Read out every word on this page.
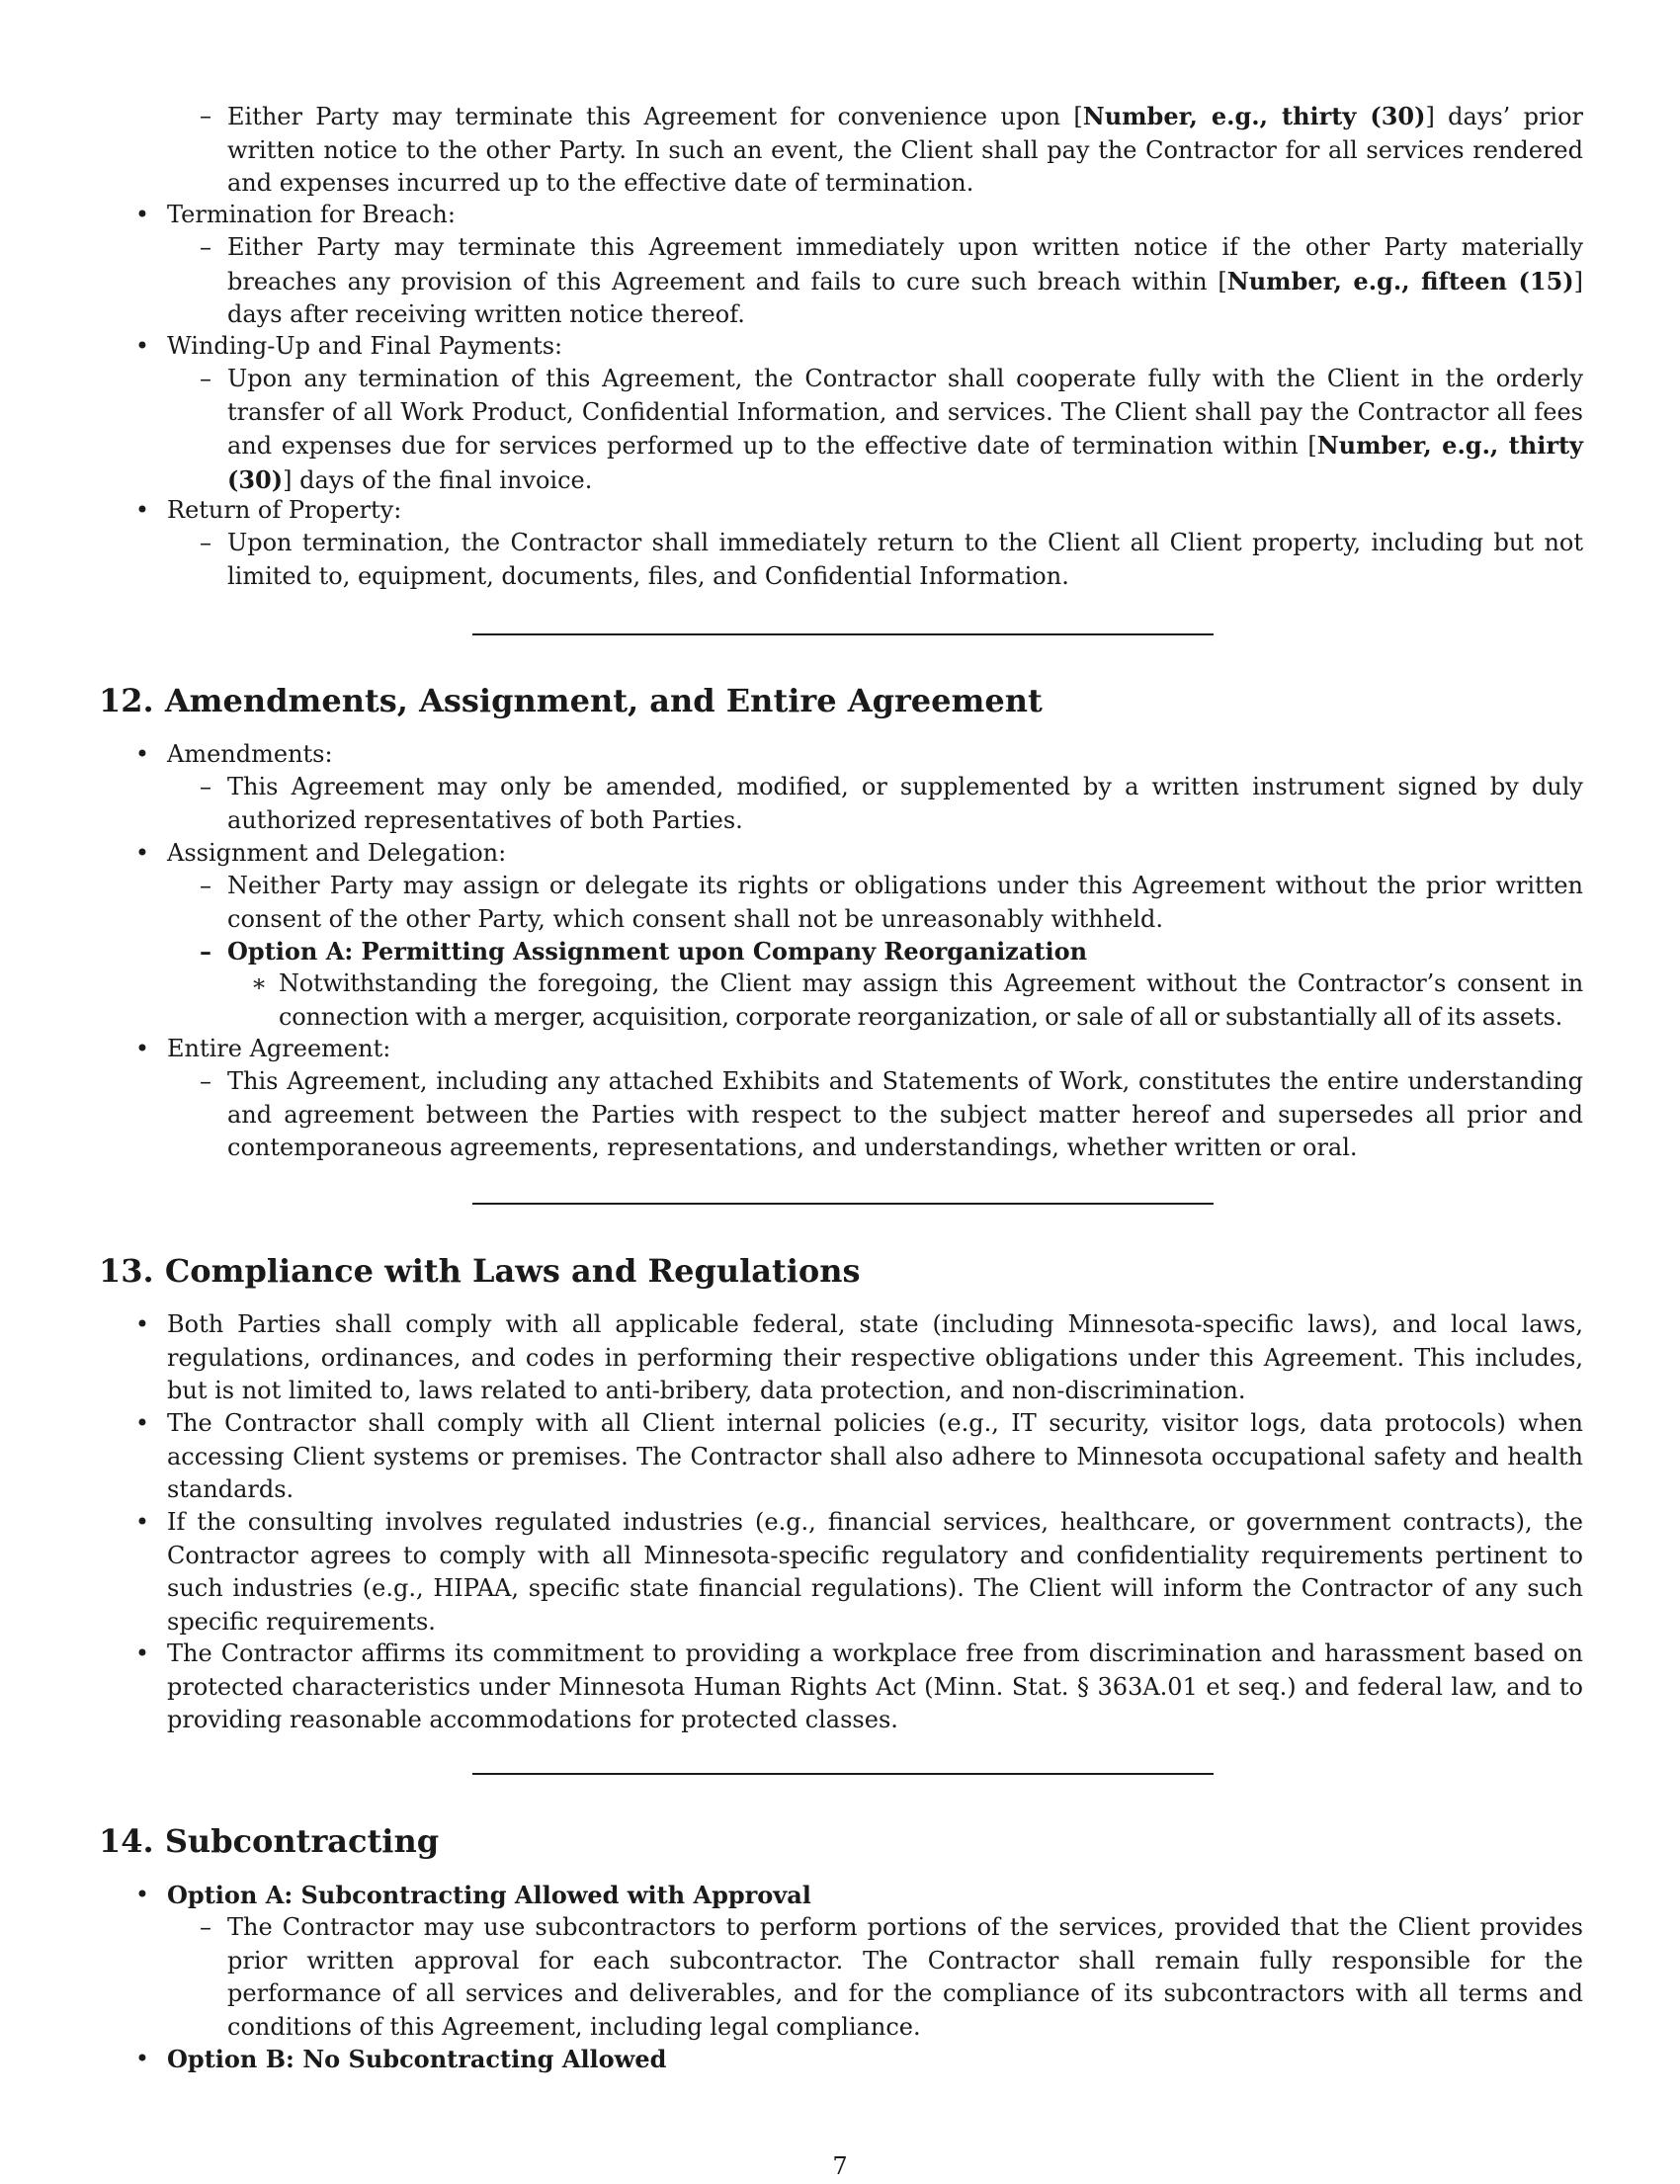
– Either Party may terminate this Agreement for convenience upon [Number, e.g., thirty (30)] days’ prior written notice to the other Party. In such an event, the Client shall pay the Contractor for all services rendered and expenses incurred up to the effective date of termination.
• Termination for Breach:
– Either Party may terminate this Agreement immediately upon written notice if the other Party materially breaches any provision of this Agreement and fails to cure such breach within [Number, e.g., fifteen (15)] days after receiving written notice thereof.
• Winding-Up and Final Payments:
– Upon any termination of this Agreement, the Contractor shall cooperate fully with the Client in the orderly transfer of all Work Product, Confidential Information, and services. The Client shall pay the Contractor all fees and expenses due for services performed up to the effective date of termination within [Number, e.g., thirty (30)] days of the final invoice.
• Return of Property:
– Upon termination, the Contractor shall immediately return to the Client all Client property, including but not limited to, equipment, documents, files, and Confidential Information.
12. Amendments, Assignment, and Entire Agreement
• Amendments:
– This Agreement may only be amended, modified, or supplemented by a written instrument signed by duly authorized representatives of both Parties.
• Assignment and Delegation:
– Neither Party may assign or delegate its rights or obligations under this Agreement without the prior written consent of the other Party, which consent shall not be unreasonably withheld.
– Option A: Permitting Assignment upon Company Reorganization
∗ Notwithstanding the foregoing, the Client may assign this Agreement without the Contractor’s consent in connection with a merger, acquisition, corporate reorganization, or sale of all or substantially all of its assets.
• Entire Agreement:
– This Agreement, including any attached Exhibits and Statements of Work, constitutes the entire understanding and agreement between the Parties with respect to the subject matter hereof and supersedes all prior and contemporaneous agreements, representations, and understandings, whether written or oral.
13. Compliance with Laws and Regulations
• Both Parties shall comply with all applicable federal, state (including Minnesota-specific laws), and local laws, regulations, ordinances, and codes in performing their respective obligations under this Agreement. This includes, but is not limited to, laws related to anti-bribery, data protection, and non-discrimination.
• The Contractor shall comply with all Client internal policies (e.g., IT security, visitor logs, data protocols) when accessing Client systems or premises. The Contractor shall also adhere to Minnesota occupational safety and health standards.
• If the consulting involves regulated industries (e.g., financial services, healthcare, or government contracts), the Contractor agrees to comply with all Minnesota-specific regulatory and confidentiality requirements pertinent to such industries (e.g., HIPAA, specific state financial regulations). The Client will inform the Contractor of any such specific requirements.
• The Contractor affirms its commitment to providing a workplace free from discrimination and harassment based on protected characteristics under Minnesota Human Rights Act (Minn. Stat. § 363A.01 et seq.) and federal law, and to providing reasonable accommodations for protected classes.
14. Subcontracting
• Option A: Subcontracting Allowed with Approval
– The Contractor may use subcontractors to perform portions of the services, provided that the Client provides prior written approval for each subcontractor. The Contractor shall remain fully responsible for the performance of all services and deliverables, and for the compliance of its subcontractors with all terms and conditions of this Agreement, including legal compliance.
• Option B: No Subcontracting Allowed
7
